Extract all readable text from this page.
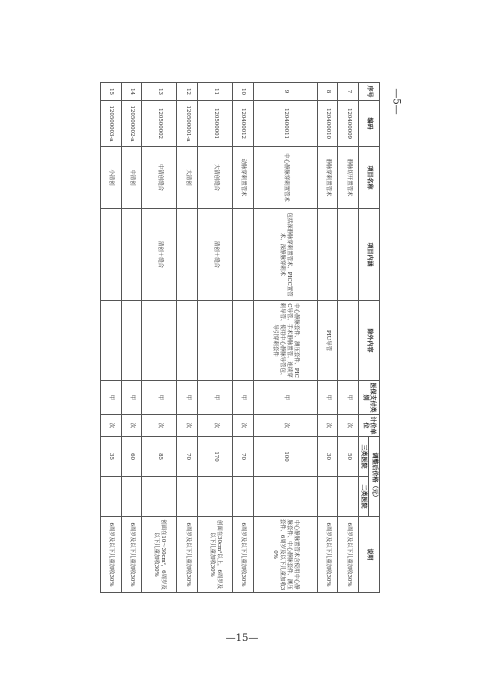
—5—
序号	编码	项目名称	项目内涵	除外内容	医保支付类别	计价单位	调整后价格（元）		说明
							三类医院	二类医院	
7	120400009	静脉切开置管术			甲	次	50		6周岁及以下儿童加收30%
8	120400010	静脉穿刺置管术		PIU导管	甲	次	30		6周岁及以下儿童加收30%
9	120400011	中心静脉穿刺置管术	包括深静脉穿刺置管术、PICC置管术、深静脉穿刺术	中心静脉套件、测压套件、PICC导管、手术静脉置管、连续穿刺导管、使用中心静脉导管包、导引穿刺套件	甲	次	100		中心静脉置管术含使用中心静脉套件、中心静脉套件、测压套件、6周岁及以下儿童加收30%
10	120400012	动脉穿刺置管术			甲	次	70		6周岁及以下儿童加收30%
11	120500001	大清创缝合	清创＋缝合		甲	次	170		创面在30cm²以上，6周岁及以下儿童加收30%
12	120500001-a	大清创			甲	次	70		6周岁及以下儿童加收30%
13	120500002	中清创缝合	清创＋缝合		甲	次	85		创面在10～30cm²，6周岁及以下儿童加收30%
14	120500002-a	中清创			甲	次	60		6周岁及以下儿童加收30%
15	120500003-a	小清创			甲	次	35		6周岁及以下儿童加收30%
—15—
